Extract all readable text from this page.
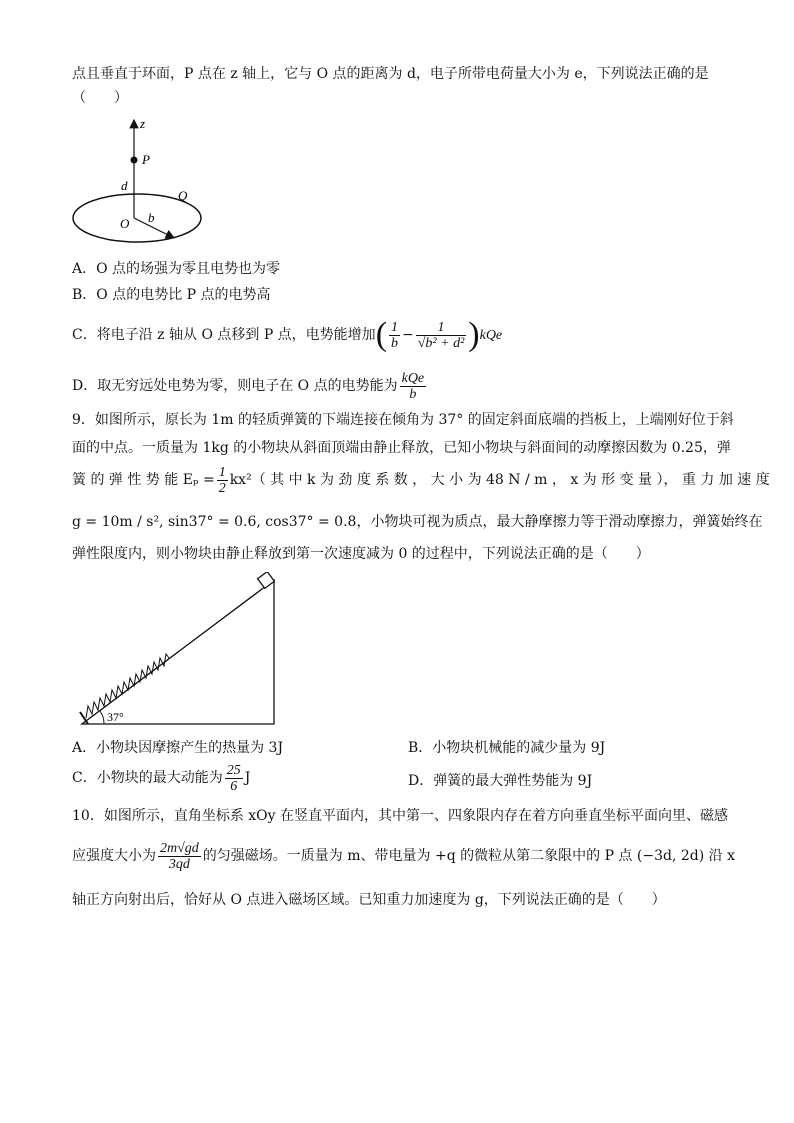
点且垂直于环面，P 点在 z 轴上，它与 O 点的距离为 d，电子所带电荷量大小为 e，下列说法正确的是
（　　）
z
P
d
Q
O b
A．O 点的场强为零且电势也为零
B．O 点的电势比 P 点的电势高
C．将电子沿 z 轴从 O 点移到 P 点，电势能增加( $\frac{1}{b} - \frac{1}{\text{√b² + d²}} )kQe$
D．取无穷远处电势为零，则电子在 O 点的电势能为 $\frac{\text{kQe}}{b}$
9．如图所示，原长为 1m 的轻质弹簧的下端连接在倾角为 37° 的固定斜面底端的挡板上，上端刚好位于斜
面的中点。一质量为 1kg 的小物块从斜面顶端由静止释放，已知小物块与斜面间的动摩擦因数为 0.25，弹
簧 的 弹 性 势 能 $E_p = \frac{1}{2} kx^2$（ 其 中 k 为 劲 度 系 数 ， 大 小 为 48 N / m ， x 为 形 变 量 ）， 重 力 加 速 度
g = 10m / s², sin37° = 0.6, cos37° = 0.8，小物块可视为质点，最大静摩擦力等于滑动摩擦力，弹簧始终在
弹性限度内，则小物块由静止释放到第一次速度减为 0 的过程中，下列说法正确的是（　　）
37°
A．小物块因摩擦产生的热量为 3J	B．小物块机械能的减少量为 9J
C．小物块的最大动能为 $\frac{25}{6}$ J	D．弹簧的最大弹性势能为 9J
10．如图所示，直角坐标系 xOy 在竖直平面内，其中第一、四象限内存在着方向垂直坐标平面向里、磁感
应强度大小为 $\frac{2m√gd}{3qd}$ 的匀强磁场。一质量为 m、带电量为 +q 的微粒从第二象限中的 P 点 (−3d, 2d) 沿 x
轴正方向射出后，恰好从 O 点进入磁场区域。已知重力加速度为 g，下列说法正确的是（　　）
